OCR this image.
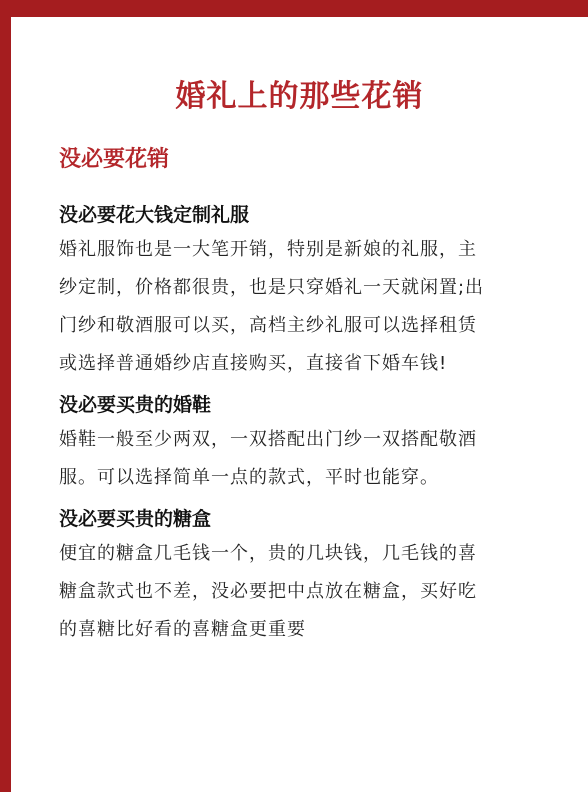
婚礼上的那些花销
没必要花销

没必要花大钱定制礼服

婚礼服饰也是一大笔开销，特别是新娘的礼服，主

纱定制，价格都很贵，也是只穿婚礼一天就闲置;出

门纱和敬酒服可以买，高档主纱礼服可以选择租赁

或选择普通婚纱店直接购买，直接省下婚车钱!

没必要买贵的婚鞋

婚鞋一般至少两双，一双搭配出门纱一双搭配敬酒

服。可以选择简单一点的款式，平时也能穿。

没必要买贵的糖盒

便宜的糖盒几毛钱一个，贵的几块钱，几毛钱的喜

糖盒款式也不差，没必要把中点放在糖盒，买好吃

的喜糖比好看的喜糖盒更重要
